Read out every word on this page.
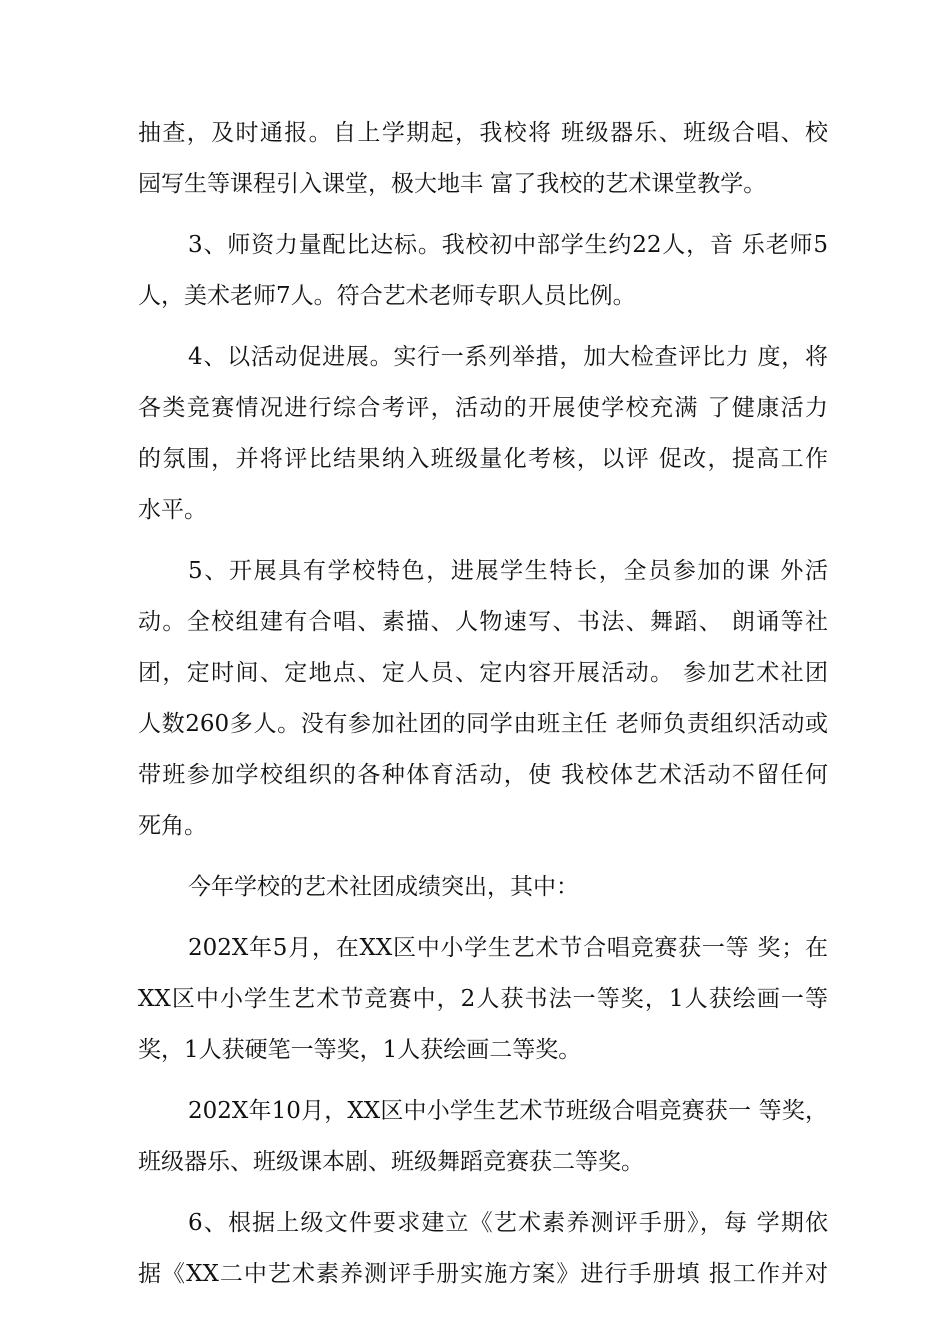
抽查，及时通报。自上学期起，我校将 班级器乐、班级合唱、校
园写生等课程引入课堂，极大地丰 富了我校的艺术课堂教学。
3、师资力量配比达标。我校初中部学生约22人，音 乐老师5
人，美术老师7人。符合艺术老师专职人员比例。
4、以活动促进展。实行一系列举措，加大检查评比力 度，将
各类竞赛情况进行综合考评，活动的开展使学校充满 了健康活力
的氛围，并将评比结果纳入班级量化考核，以评 促改，提高工作
水平。
5、开展具有学校特色，进展学生特长，全员参加的课 外活
动。全校组建有合唱、素描、人物速写、书法、舞蹈、 朗诵等社
团，定时间、定地点、定人员、定内容开展活动。 参加艺术社团
人数260多人。没有参加社团的同学由班主任 老师负责组织活动或
带班参加学校组织的各种体育活动，使 我校体艺术活动不留任何
死角。
今年学校的艺术社团成绩突出，其中：
202X年5月，在XX区中小学生艺术节合唱竞赛获一等 奖；在
XX区中小学生艺术节竞赛中，2人获书法一等奖，1人获绘画一等
奖，1人获硬笔一等奖，1人获绘画二等奖。
202X年10月，XX区中小学生艺术节班级合唱竞赛获一 等奖，
班级器乐、班级课本剧、班级舞蹈竞赛获二等奖。
6、根据上级文件要求建立《艺术素养测评手册》，每 学期依
据《XX二中艺术素养测评手册实施方案》进行手册填 报工作并对
